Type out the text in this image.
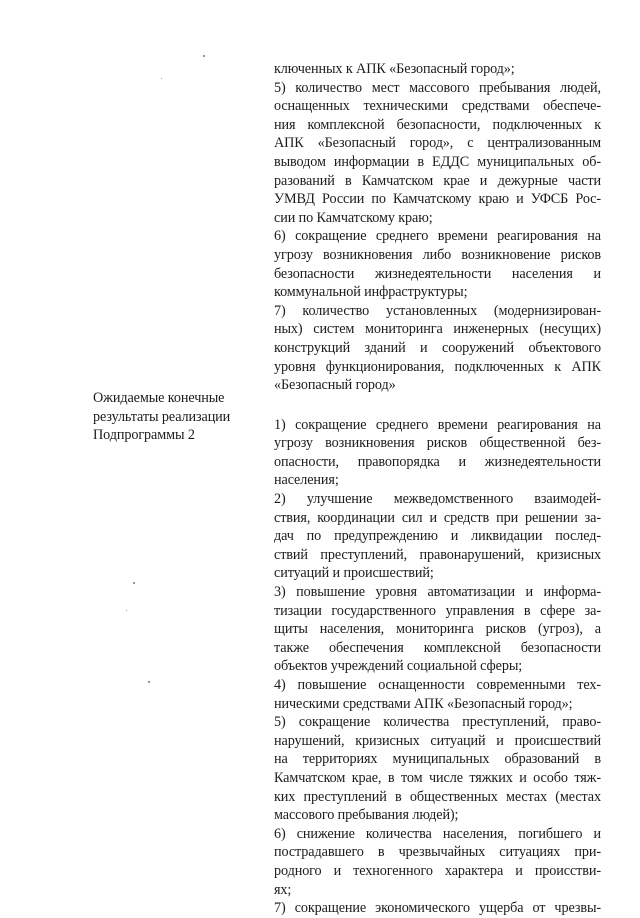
ключенных к АПК «Безопасный город»;
5) количество мест массового пребывания людей,
оснащенных техническими средствами обеспече-
ния комплексной безопасности, подключенных к
АПК «Безопасный город», с централизованным
выводом информации в ЕДДС муниципальных об-
разований в Камчатском крае и дежурные части
УМВД России по Камчатскому краю и УФСБ Рос-
сии по Камчатскому краю;
6) сокращение среднего времени реагирования на
угрозу возникновения либо возникновение рисков
безопасности жизнедеятельности населения и
коммунальной инфраструктуры;
7) количество установленных (модернизирован-
ных) систем мониторинга инженерных (несущих)
конструкций зданий и сооружений объектового
уровня функционирования, подключенных к АПК
«Безопасный город»
1) сокращение среднего времени реагирования на
угрозу возникновения рисков общественной без-
опасности, правопорядка и жизнедеятельности
населения;
2) улучшение межведомственного взаимодей-
ствия, координации сил и средств при решении за-
дач по предупреждению и ликвидации послед-
ствий преступлений, правонарушений, кризисных
ситуаций и происшествий;
3) повышение уровня автоматизации и информа-
тизации государственного управления в сфере за-
щиты населения, мониторинга рисков (угроз), а
также обеспечения комплексной безопасности
объектов учреждений социальной сферы;
4) повышение оснащенности современными тех-
ническими средствами АПК «Безопасный город»;
5) сокращение количества преступлений, право-
нарушений, кризисных ситуаций и происшествий
на территориях муниципальных образований в
Камчатском крае, в том числе тяжких и особо тяж-
ких преступлений в общественных местах (местах
массового пребывания людей);
6) снижение количества населения, погибшего и
пострадавшего в чрезвычайных ситуациях при-
родного и техногенного характера и происстви-
ях;
7) сокращение экономического ущерба от чрезвы-
Ожидаемые конечные
результаты реализации
Подпрограммы 2
